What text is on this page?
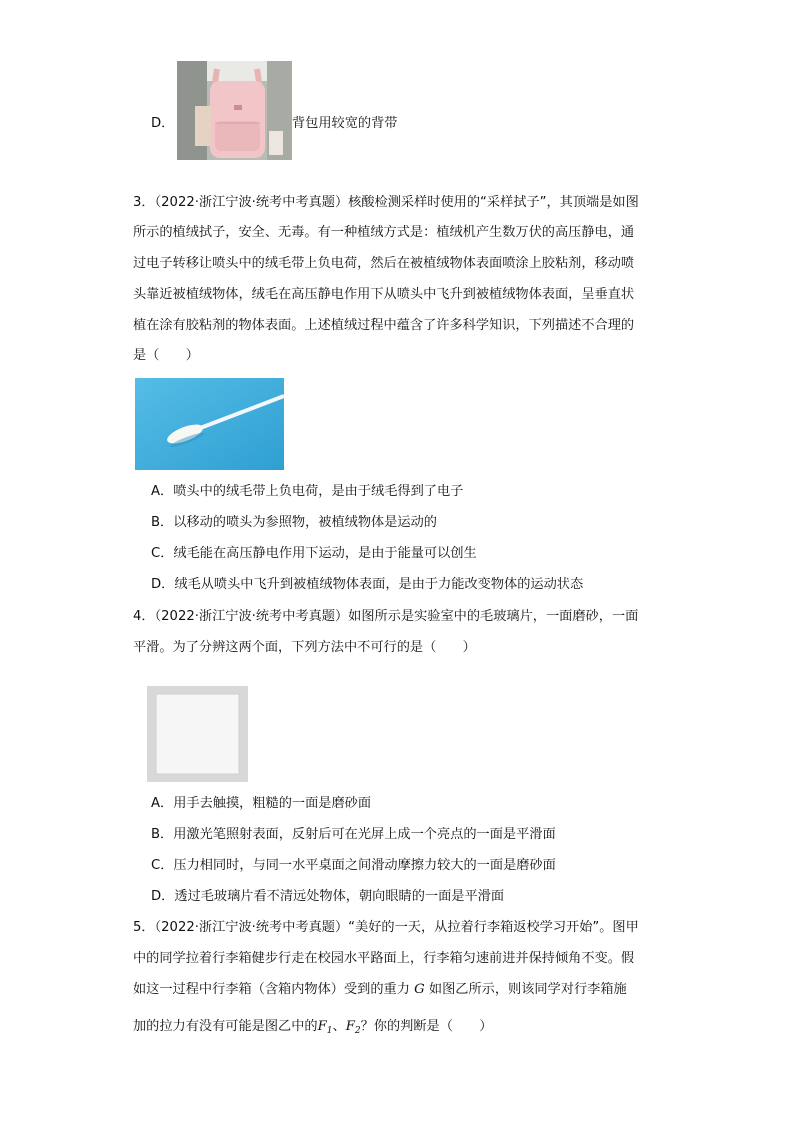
D．	背包用较宽的背带
3．（2022·浙江宁波·统考中考真题）核酸检测采样时使用的“采样拭子”，其顶端是如图
所示的植绒拭子，安全、无毒。有一种植绒方式是：植绒机产生数万伏的高压静电，通
过电子转移让喷头中的绒毛带上负电荷，然后在被植绒物体表面喷涂上胶粘剂，移动喷
头靠近被植绒物体，绒毛在高压静电作用下从喷头中飞升到被植绒物体表面，呈垂直状
植在涂有胶粘剂的物体表面。上述植绒过程中蕴含了许多科学知识，下列描述不合理的
是（　　）
A．喷头中的绒毛带上负电荷，是由于绒毛得到了电子
B．以移动的喷头为参照物，被植绒物体是运动的
C．绒毛能在高压静电作用下运动，是由于能量可以创生
D．绒毛从喷头中飞升到被植绒物体表面，是由于力能改变物体的运动状态
4．（2022·浙江宁波·统考中考真题）如图所示是实验室中的毛玻璃片，一面磨砂，一面
平滑。为了分辨这两个面，下列方法中不可行的是（　　）
A．用手去触摸，粗糙的一面是磨砂面
B．用激光笔照射表面，反射后可在光屏上成一个亮点的一面是平滑面
C．压力相同时，与同一水平桌面之间滑动摩擦力较大的一面是磨砂面
D．透过毛玻璃片看不清远处物体，朝向眼睛的一面是平滑面
5．（2022·浙江宁波·统考中考真题）“美好的一天，从拉着行李箱返校学习开始”。图甲
中的同学拉着行李箱健步行走在校园水平路面上，行李箱匀速前进并保持倾角不变。假
如这一过程中行李箱（含箱内物体）受到的重力 G 如图乙所示，则该同学对行李箱施
加的拉力有没有可能是图乙中的$F_1$、$F_2$？你的判断是（　　）
